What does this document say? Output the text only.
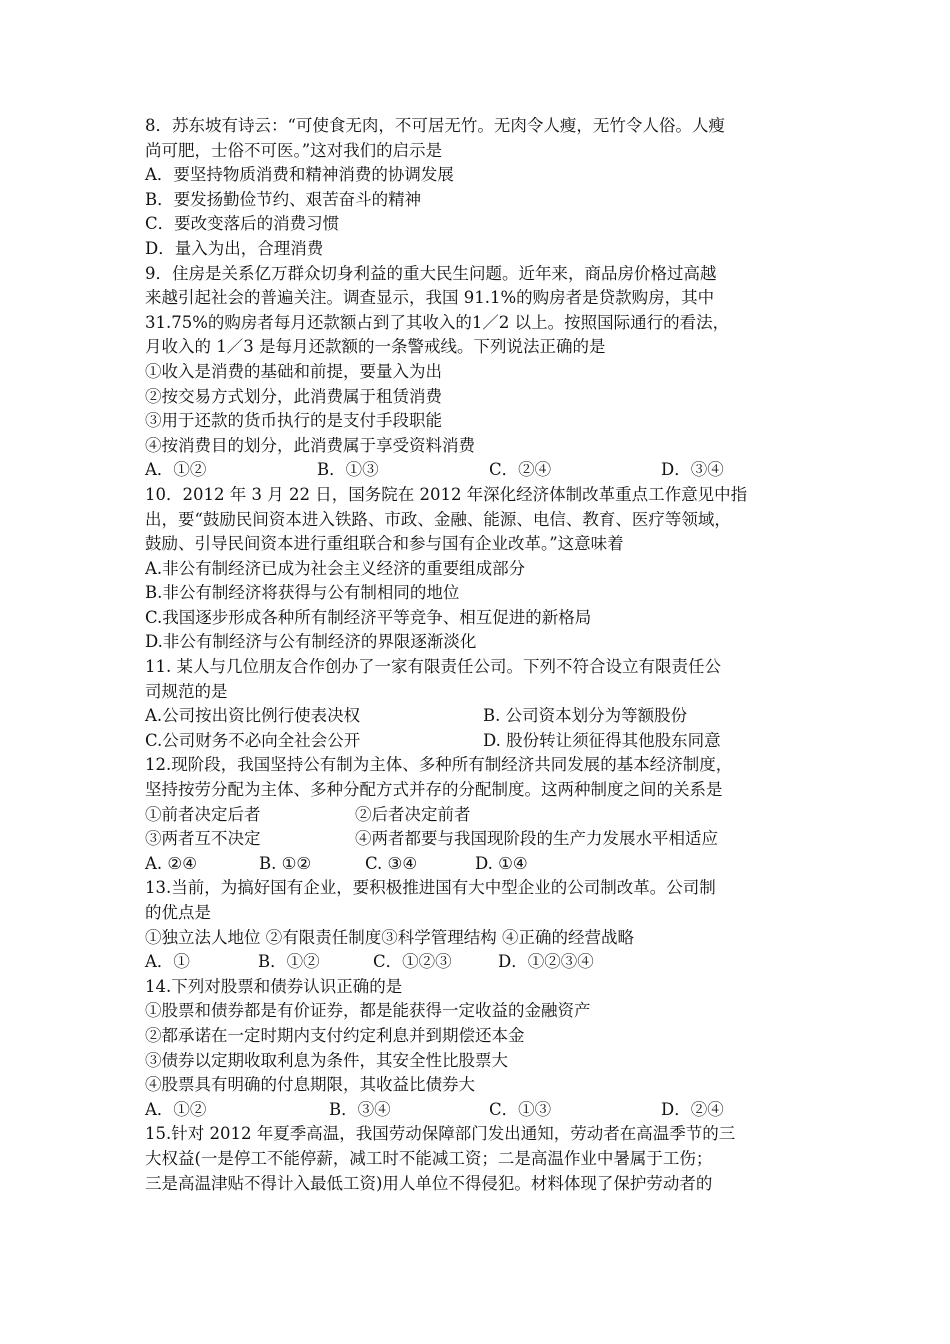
8．苏东坡有诗云：“可使食无肉，不可居无竹。无肉令人瘦，无竹令人俗。人瘦
尚可肥，士俗不可医。”这对我们的启示是
A．要坚持物质消费和精神消费的协调发展
B．要发扬勤俭节约、艰苦奋斗的精神
C．要改变落后的消费习惯
D．量入为出，合理消费
9．住房是关系亿万群众切身利益的重大民生问题。近年来，商品房价格过高越
来越引起社会的普遍关注。调查显示，我国 91.1%的购房者是贷款购房，其中
31.75%的购房者每月还款额占到了其收入的1／2 以上。按照国际通行的看法，
月收入的 1／3 是每月还款额的一条警戒线。下列说法正确的是
①收入是消费的基础和前提，要量入为出
②按交易方式划分，此消费属于租赁消费
③用于还款的货币执行的是支付手段职能
④按消费目的划分，此消费属于享受资料消费
A．①②	B．①③	C．②④	D．③④
10．2012 年 3 月 22 日，国务院在 2012 年深化经济体制改革重点工作意见中指
出，要“鼓励民间资本进入铁路、市政、金融、能源、电信、教育、医疗等领域，
鼓励、引导民间资本进行重组联合和参与国有企业改革。”这意味着
A.非公有制经济已成为社会主义经济的重要组成部分
B.非公有制经济将获得与公有制相同的地位
C.我国逐步形成各种所有制经济平等竞争、相互促进的新格局
D.非公有制经济与公有制经济的界限逐渐淡化
11. 某人与几位朋友合作创办了一家有限责任公司。下列不符合设立有限责任公
司规范的是
A.公司按出资比例行使表决权	B. 公司资本划分为等额股份
C.公司财务不必向全社会公开	D. 股份转让须征得其他股东同意
12.现阶段，我国坚持公有制为主体、多种所有制经济共同发展的基本经济制度，
坚持按劳分配为主体、多种分配方式并存的分配制度。这两种制度之间的关系是
①前者决定后者	②后者决定前者
③两者互不决定	④两者都要与我国现阶段的生产力发展水平相适应
A. ②④	B. ①②	C. ③④	D. ①④
13.当前，为搞好国有企业，要积极推进国有大中型企业的公司制改革。公司制
的优点是
①独立法人地位 ②有限责任制度③科学管理结构 ④正确的经营战略
A．①	B．①②	C．①②③	D．①②③④
14.下列对股票和债券认识正确的是
①股票和债券都是有价证券，都是能获得一定收益的金融资产
②都承诺在一定时期内支付约定利息并到期偿还本金
③债券以定期收取利息为条件，其安全性比股票大
④股票具有明确的付息期限，其收益比债券大
A．①②	B．③④	C．①③	D．②④
15.针对 2012 年夏季高温，我国劳动保障部门发出通知，劳动者在高温季节的三
大权益(一是停工不能停薪，减工时不能减工资；二是高温作业中暑属于工伤；
三是高温津贴不得计入最低工资)用人单位不得侵犯。材料体现了保护劳动者的
